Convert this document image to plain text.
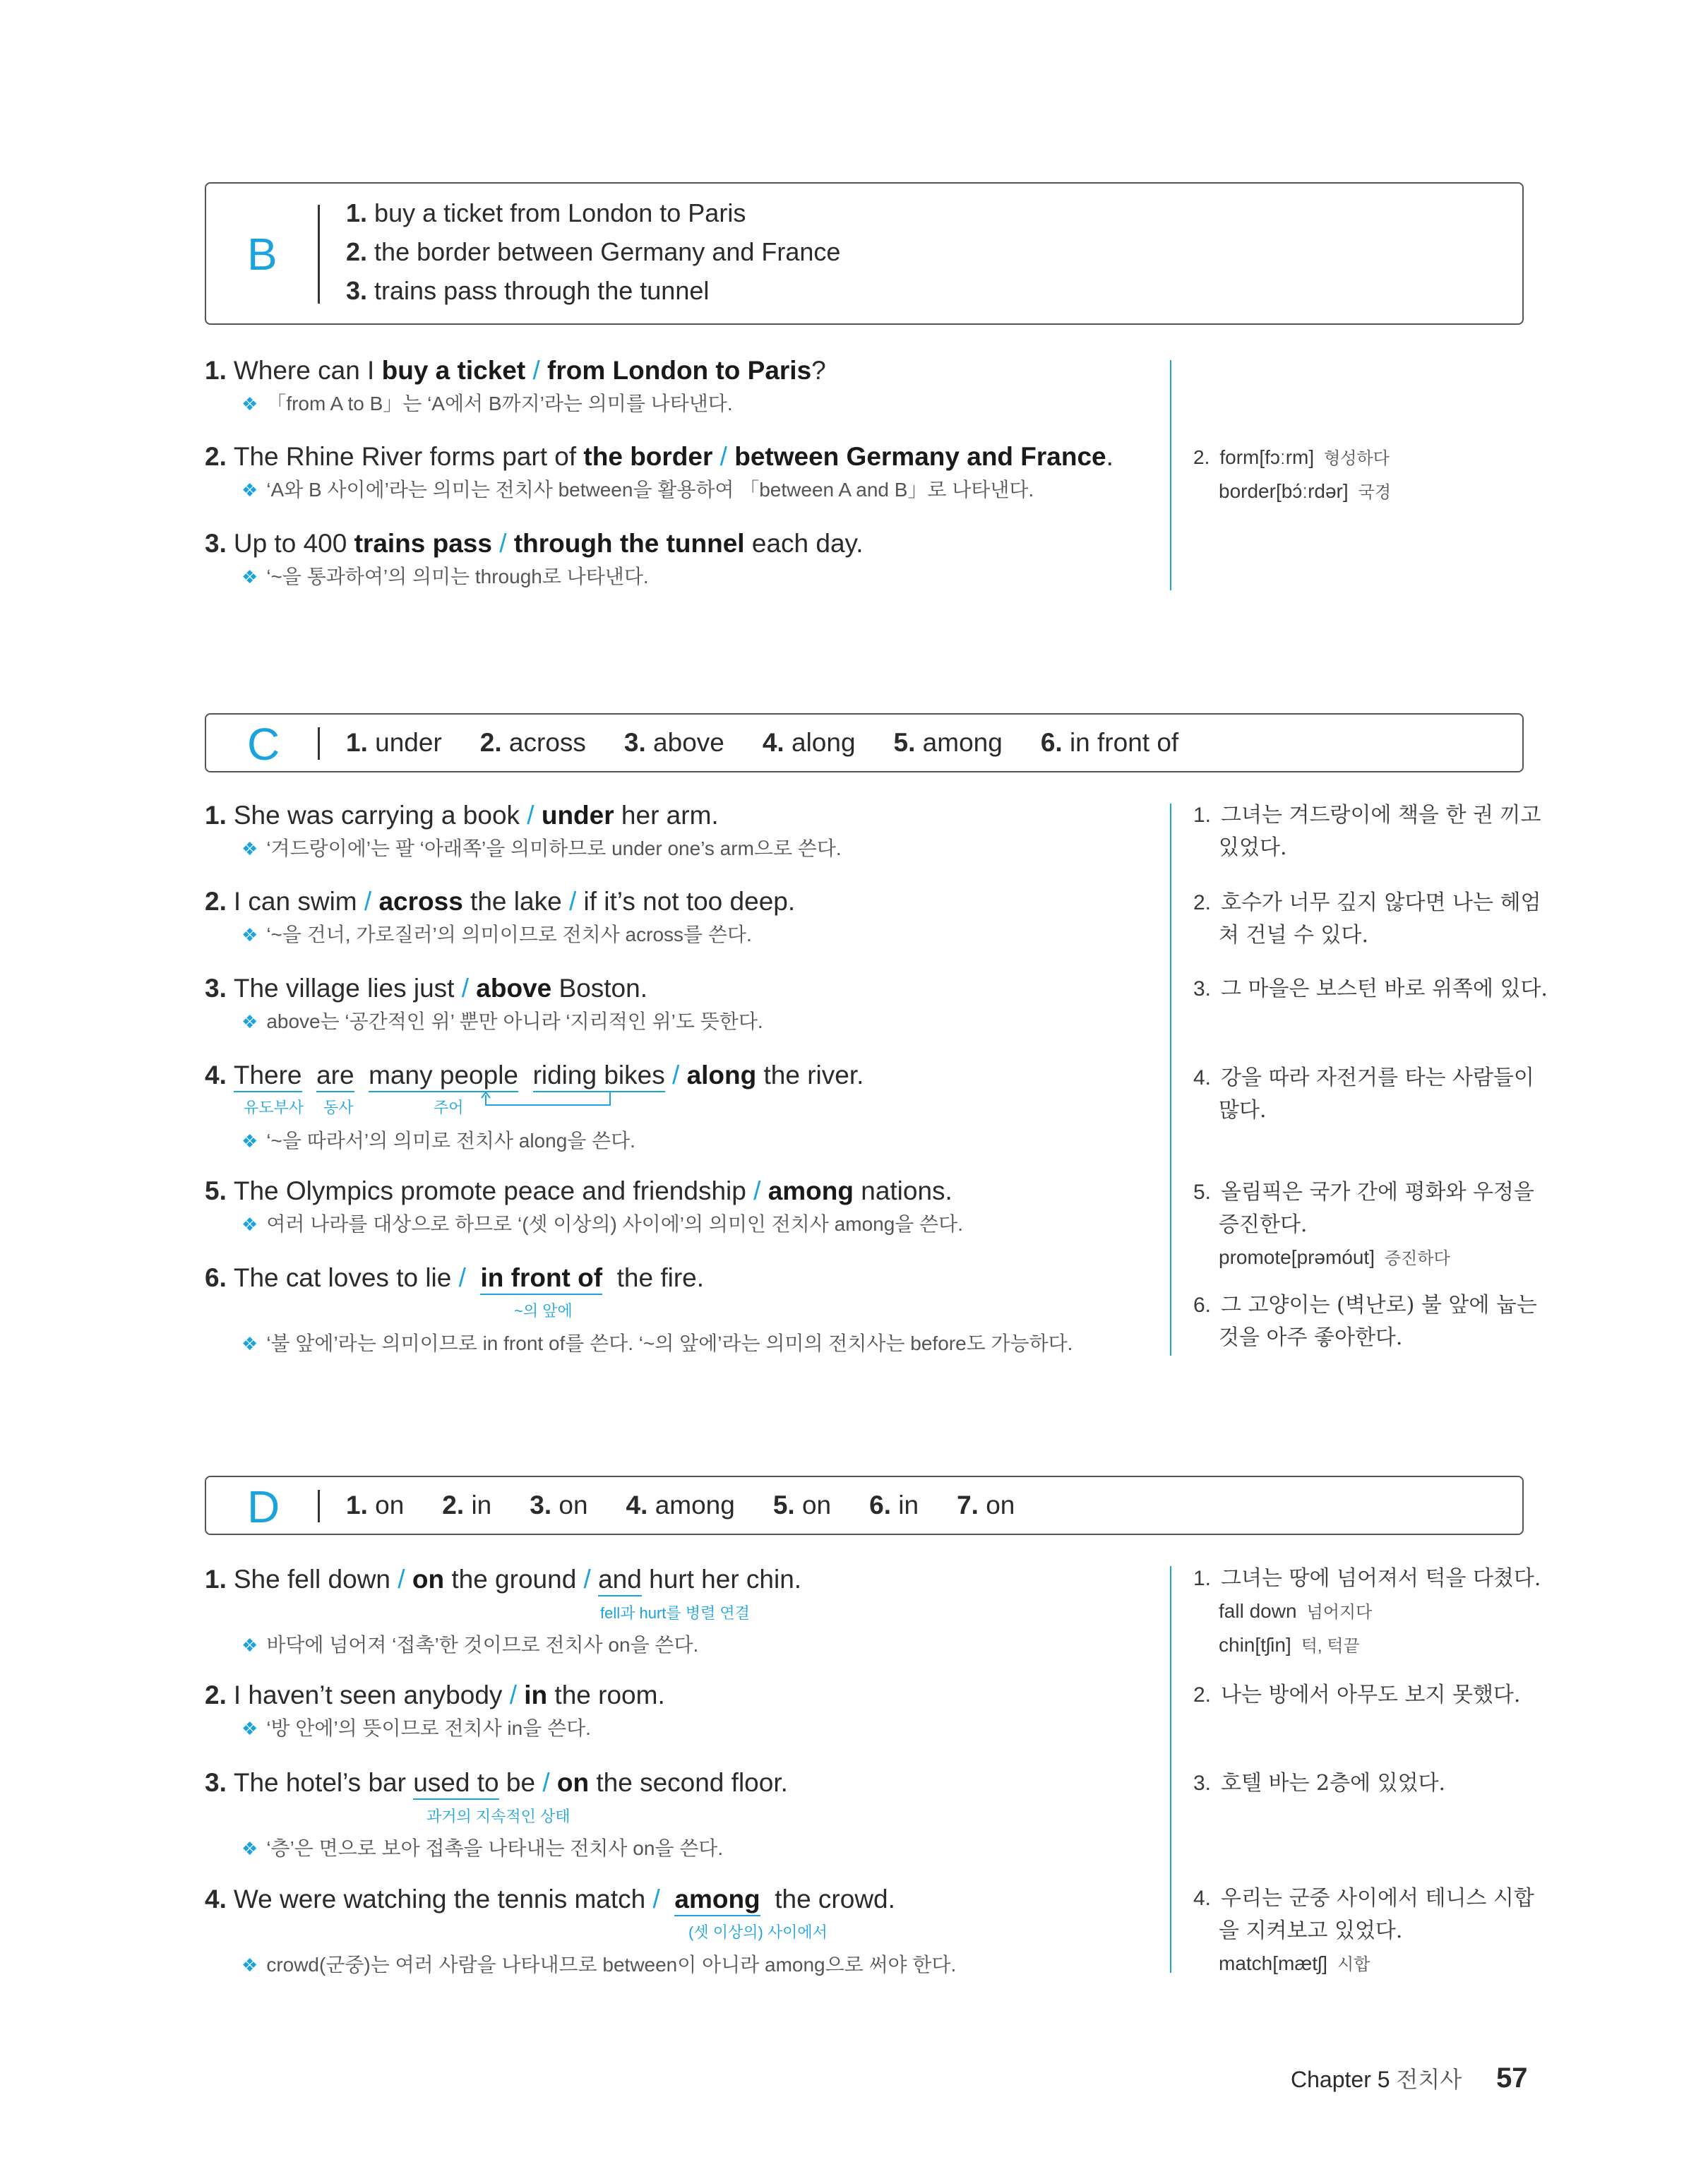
B
1. buy a ticket from London to Paris
2. the border between Germany and France
3. trains pass through the tunnel
1. Where can I buy a ticket / from London to Paris?
❖ 「from A to B」는 ‘A에서 B까지’라는 의미를 나타낸다.
2. The Rhine River forms part of the border / between Germany and France.
❖ ‘A와 B 사이에’라는 의미는 전치사 between을 활용하여 「between A and B」로 나타낸다.
3. Up to 400 trains pass / through the tunnel each day.
❖ ‘~을 통과하여’의 의미는 through로 나타낸다.
2. form[fɔːrm] 형성하다
border[bɔ́ːrdər] 국경
C	1. under 2. across 3. above 4. along 5. among 6. in front of
1. She was carrying a book / under her arm.
❖ ‘겨드랑이에’는 팔 ‘아래쪽’을 의미하므로 under one’s arm으로 쓴다.
2. I can swim / across the lake / if it’s not too deep.
❖ ‘~을 건너, 가로질러’의 의미이므로 전치사 across를 쓴다.
3. The village lies just / above Boston.
❖ above는 ‘공간적인 위’ 뿐만 아니라 ‘지리적인 위’도 뜻한다.
4. There are many people riding bikes / along the river.
❖ ‘~을 따라서’의 의미로 전치사 along을 쓴다.
유도부사 동사	주어
5. The Olympics promote peace and friendship / among nations.
❖ 여러 나라를 대상으로 하므로 ‘(셋 이상의) 사이에’의 의미인 전치사 among을 쓴다.
6. The cat loves to lie /  in front of  the fire.
❖ ‘불 앞에’라는 의미이므로 in front of를 쓴다. ‘~의 앞에’라는 의미의 전치사는 before도 가능하다.
~의 앞에
1. 그녀는 겨드랑이에 책을 한 권 끼고
있었다.
2. 호수가 너무 깊지 않다면 나는 헤엄
쳐 건널 수 있다.
3. 그 마을은 보스턴 바로 위쪽에 있다.
4. 강을 따라 자전거를 타는 사람들이
많다.
5. 올림픽은 국가 간에 평화와 우정을
증진한다.
promote[prəmóut] 증진하다
6. 그 고양이는 (벽난로) 불 앞에 눕는
것을 아주 좋아한다.
D	1. on 2. in 3. on 4. among 5. on 6. in 7. on
1. She fell down / on the ground / and hurt her chin.
❖ 바닥에 넘어져 ‘접촉’한 것이므로 전치사 on을 쓴다.
fell과 hurt를 병렬 연결
2. I haven’t seen anybody / in the room.
❖ ‘방 안에’의 뜻이므로 전치사 in을 쓴다.
3. The hotel’s bar used to be / on the second floor.
❖ ‘층’은 면으로 보아 접촉을 나타내는 전치사 on을 쓴다.
과거의 지속적인 상태
4. We were watching the tennis match /  among  the crowd.
❖ crowd(군중)는 여러 사람을 나타내므로 between이 아니라 among으로 써야 한다.
(셋 이상의) 사이에서
1. 그녀는 땅에 넘어져서 턱을 다쳤다.
fall down 넘어지다
chin[tʃin] 턱, 턱끝
2. 나는 방에서 아무도 보지 못했다.
3. 호텔 바는 2층에 있었다.
4. 우리는 군중 사이에서 테니스 시합
을 지켜보고 있었다.
match[mætʃ] 시합
Chapter 5 전치사 57
